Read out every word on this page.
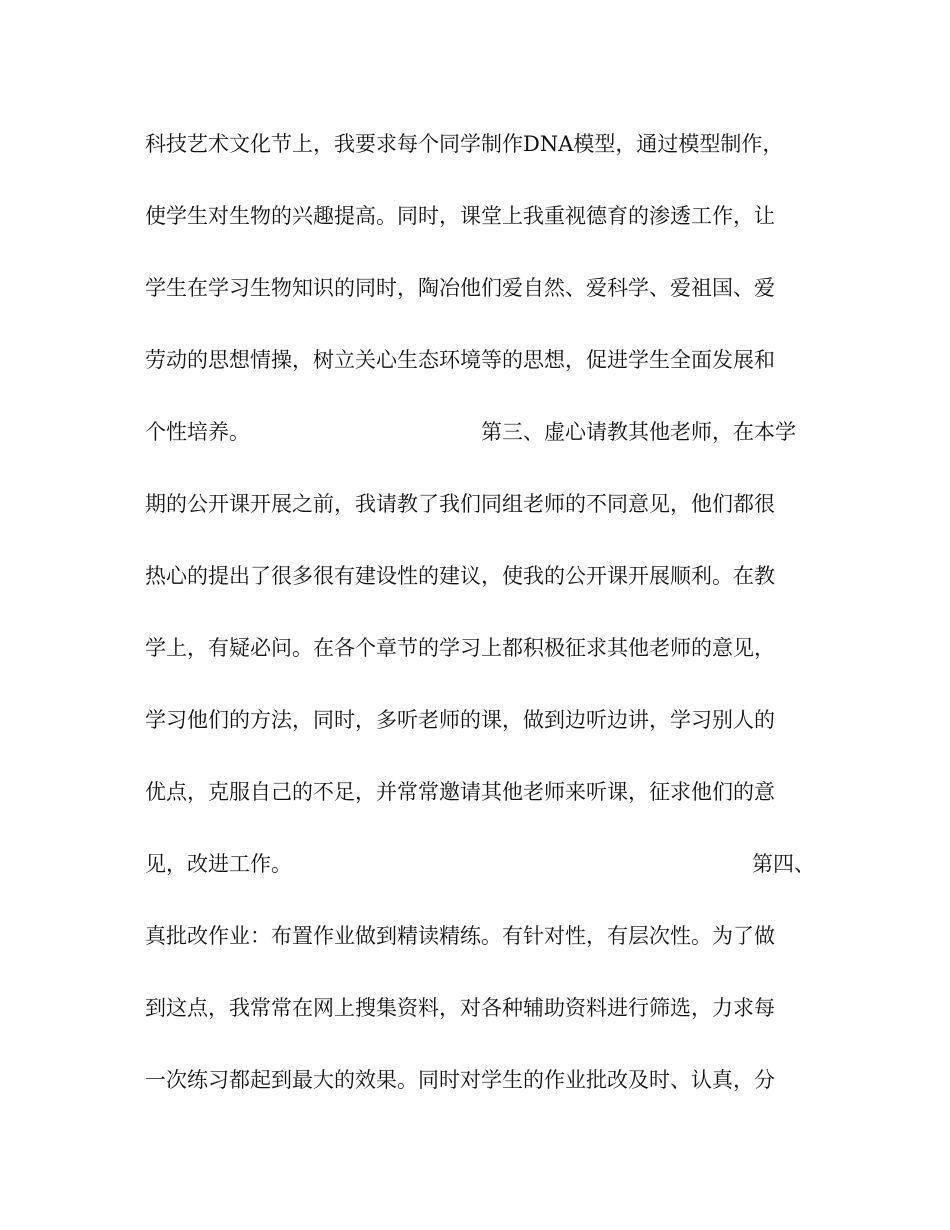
科技艺术文化节上，我要求每个同学制作DNA模型，通过模型制作，
使学生对生物的兴趣提高。同时，课堂上我重视德育的渗透工作，让
学生在学习生物知识的同时，陶冶他们爱自然、爱科学、爱祖国、爱
劳动的思想情操，树立关心生态环境等的思想，促进学生全面发展和
个性培养。	第三、虚心请教其他老师，在本学
期的公开课开展之前，我请教了我们同组老师的不同意见，他们都很
热心的提出了很多很有建设性的建议，使我的公开课开展顺利。在教
学上，有疑必问。在各个章节的学习上都积极征求其他老师的意见，
学习他们的方法，同时，多听老师的课，做到边听边讲，学习别人的
优点，克服自己的不足，并常常邀请其他老师来听课，征求他们的意
见，改进工作。	第四、
真批改作业：布置作业做到精读精练。有针对性，有层次性。为了做
到这点，我常常在网上搜集资料，对各种辅助资料进行筛选，力求每
一次练习都起到最大的效果。同时对学生的作业批改及时、认真，分
